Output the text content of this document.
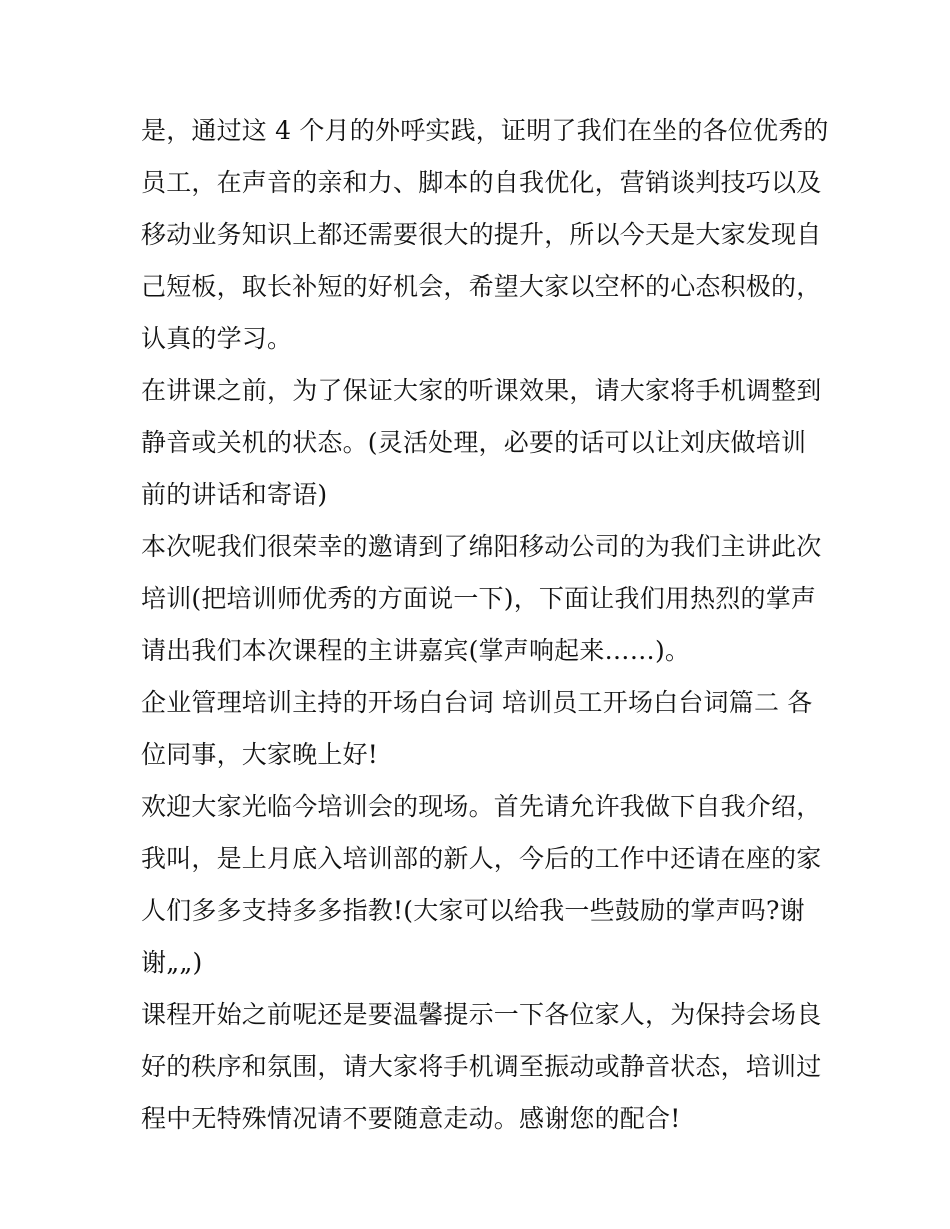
是，通过这 4 个月的外呼实践，证明了我们在坐的各位优秀的
员工，在声音的亲和力、脚本的自我优化，营销谈判技巧以及
移动业务知识上都还需要很大的提升，所以今天是大家发现自
己短板，取长补短的好机会，希望大家以空杯的心态积极的，
认真的学习。
在讲课之前，为了保证大家的听课效果，请大家将手机调整到
静音或关机的状态。(灵活处理，必要的话可以让刘庆做培训
前的讲话和寄语)
本次呢我们很荣幸的邀请到了绵阳移动公司的为我们主讲此次
培训(把培训师优秀的方面说一下)，下面让我们用热烈的掌声
请出我们本次课程的主讲嘉宾(掌声响起来……)。
企业管理培训主持的开场白台词 培训员工开场白台词篇二 各
位同事，大家晚上好!
欢迎大家光临今培训会的现场。首先请允许我做下自我介绍，
我叫，是上月底入培训部的新人，今后的工作中还请在座的家
人们多多支持多多指教!(大家可以给我一些鼓励的掌声吗?谢
谢„„)
课程开始之前呢还是要温馨提示一下各位家人，为保持会场良
好的秩序和氛围，请大家将手机调至振动或静音状态，培训过
程中无特殊情况请不要随意走动。感谢您的配合!
